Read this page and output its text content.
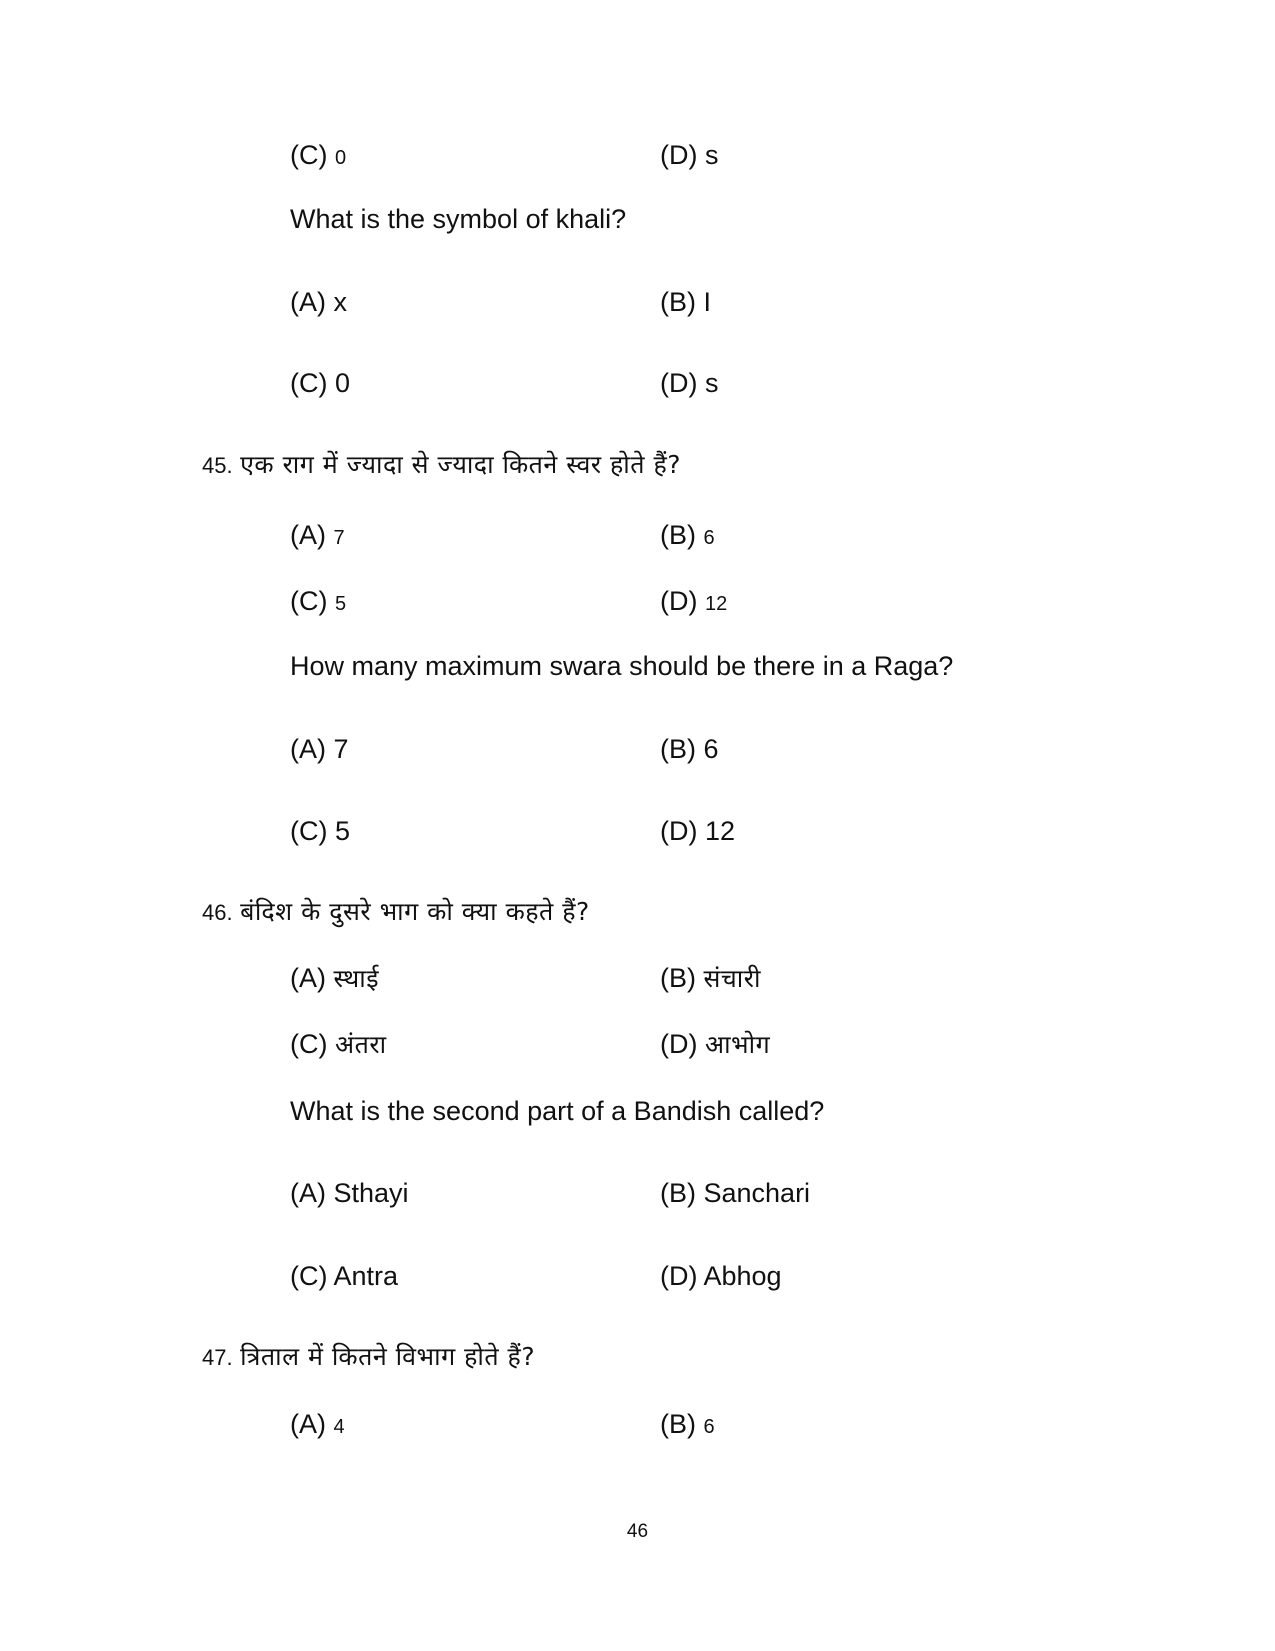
(C) 0	(D) s
What is the symbol of khali?
(A) x	(B) I
(C) 0	(D) s
45. एक राग में ज्यादा से ज्यादा कितने स्वर होते हैं?
(A) 7	(B) 6
(C) 5	(D) 12
How many maximum swara should be there in a Raga?
(A) 7	(B) 6
(C) 5	(D) 12
46. बंदिश के दुसरे भाग को क्या कहते हैं?
(A) स्थाई	(B) संचारी
(C) अंतरा	(D) आभोग
What is the second part of a Bandish called?
(A) Sthayi	(B) Sanchari
(C) Antra	(D) Abhog
47. त्रिताल में कितने विभाग होते हैं?
(A) 4	(B) 6
46
